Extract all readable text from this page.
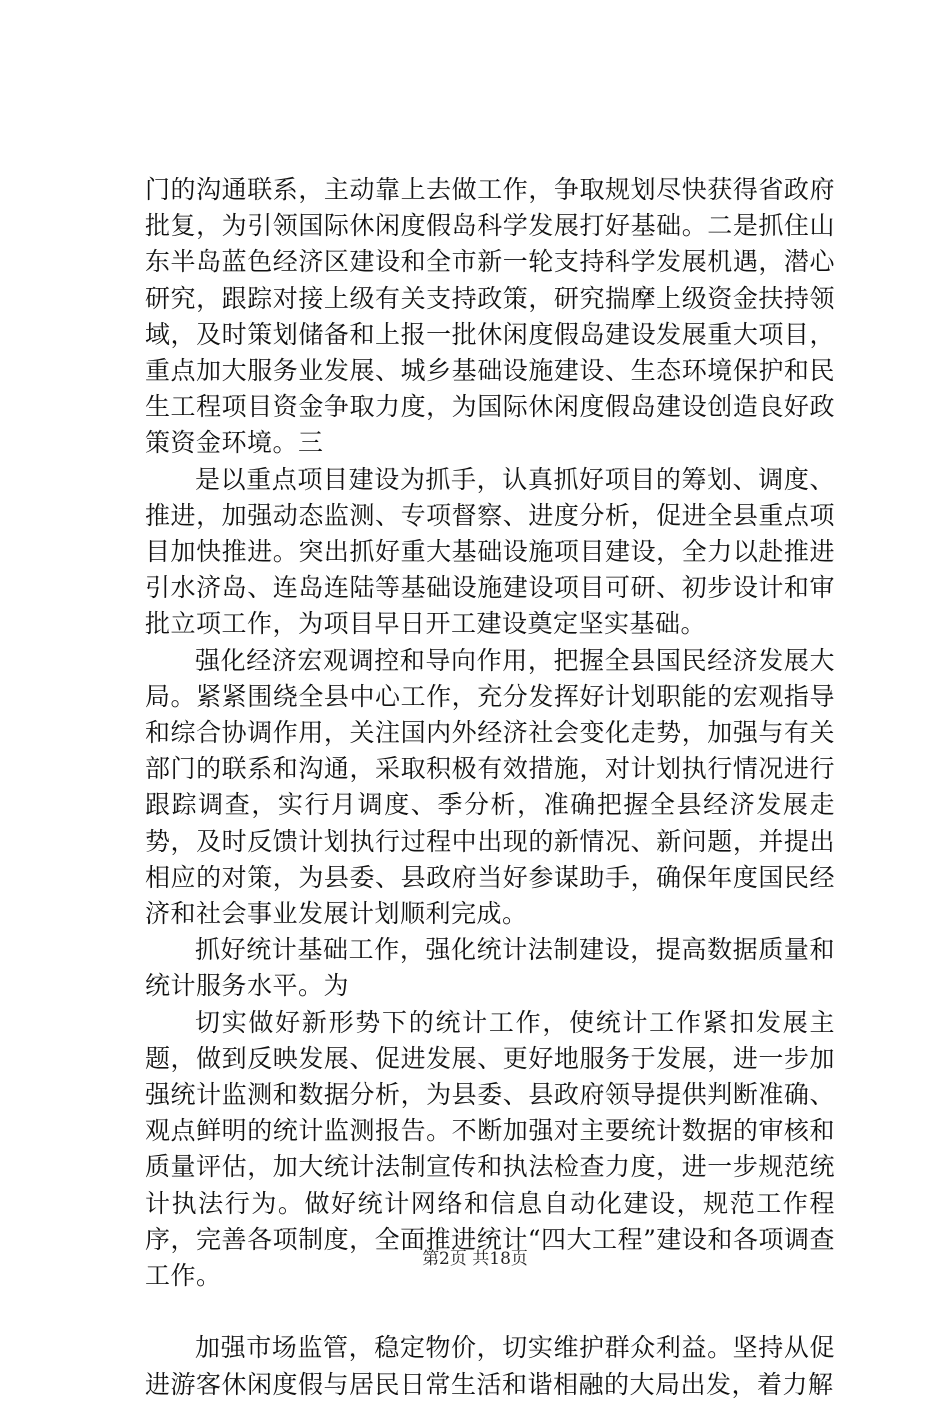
门的沟通联系，主动靠上去做工作，争取规划尽快获得省政府批复，为引领国际休闲度假岛科学发展打好基础。二是抓住山东半岛蓝色经济区建设和全市新一轮支持科学发展机遇，潜心研究，跟踪对接上级有关支持政策，研究揣摩上级资金扶持领域，及时策划储备和上报一批休闲度假岛建设发展重大项目，重点加大服务业发展、城乡基础设施建设、生态环境保护和民生工程项目资金争取力度，为国际休闲度假岛建设创造良好政策资金环境。三

是以重点项目建设为抓手，认真抓好项目的筹划、调度、推进，加强动态监测、专项督察、进度分析，促进全县重点项目加快推进。突出抓好重大基础设施项目建设，全力以赴推进引水济岛、连岛连陆等基础设施建设项目可研、初步设计和审批立项工作，为项目早日开工建设奠定坚实基础。

强化经济宏观调控和导向作用，把握全县国民经济发展大局。紧紧围绕全县中心工作，充分发挥好计划职能的宏观指导和综合协调作用，关注国内外经济社会变化走势，加强与有关部门的联系和沟通，采取积极有效措施，对计划执行情况进行跟踪调查，实行月调度、季分析，准确把握全县经济发展走势，及时反馈计划执行过程中出现的新情况、新问题，并提出相应的对策，为县委、县政府当好参谋助手，确保年度国民经济和社会事业发展计划顺利完成。

抓好统计基础工作，强化统计法制建设，提高数据质量和统计服务水平。为

切实做好新形势下的统计工作，使统计工作紧扣发展主题，做到反映发展、促进发展、更好地服务于发展，进一步加强统计监测和数据分析，为县委、县政府领导提供判断准确、观点鲜明的统计监测报告。不断加强对主要统计数据的审核和质量评估，加大统计法制宣传和执法检查力度，进一步规范统计执法行为。做好统计网络和信息自动化建设，规范工作程序，完善各项制度，全面推进统计“四大工程”建设和各项调查工作。

加强市场监管，稳定物价，切实维护群众利益。坚持从促进游客休闲度假与居民日常生活和谐相融的大局出发，着力解

第2页 共18页
